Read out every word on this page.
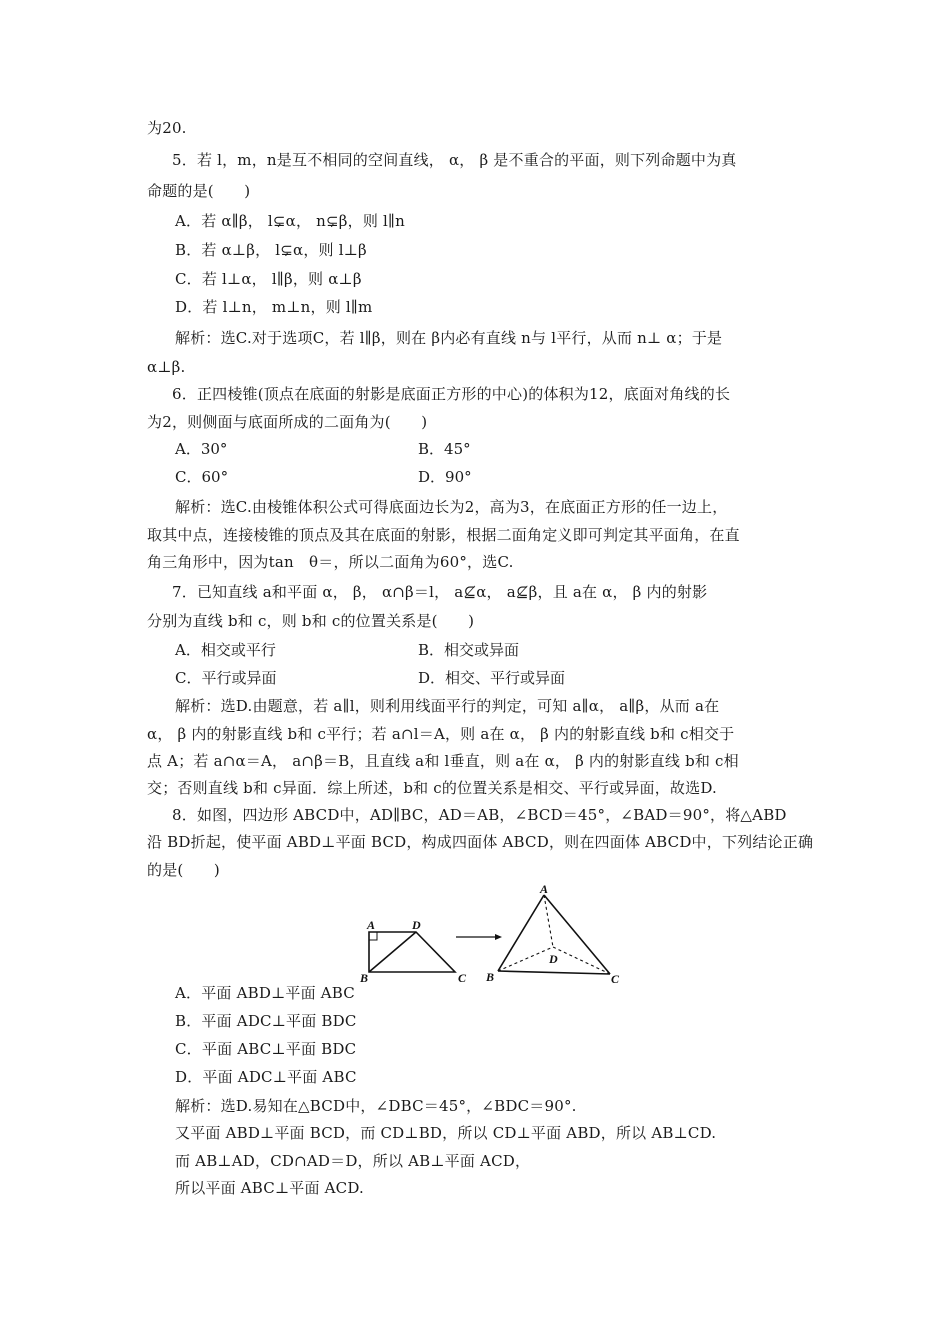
为20.
5．若 l，m，n是互不相同的空间直线， α， β 是不重合的平面，则下列命题中为真
命题的是(　　)
A．若 α∥β， l⊊α， n⊊β，则 l∥n
B．若 α⊥β， l⊊α，则 l⊥β
C．若 l⊥α， l∥β，则 α⊥β
D．若 l⊥n， m⊥n，则 l∥m
解析：选C.对于选项C，若 l∥β，则在 β内必有直线 n与 l平行，从而 n⊥ α；于是
α⊥β.
6．正四棱锥(顶点在底面的射影是底面正方形的中心)的体积为12，底面对角线的长
为2，则侧面与底面所成的二面角为(　　)
A．30°	B．45°
C．60°	D．90°
解析：选C.由棱锥体积公式可得底面边长为2，高为3，在底面正方形的任一边上，
取其中点，连接棱锥的顶点及其在底面的射影，根据二面角定义即可判定其平面角，在直
角三角形中，因为tan　θ＝，所以二面角为60°，选C.
7．已知直线 a和平面 α， β， α∩β＝l， a⊈α， a⊈β，且 a在 α， β 内的射影
分别为直线 b和 c，则 b和 c的位置关系是(　　)
A．相交或平行	B．相交或异面
C．平行或异面	D．相交、平行或异面
解析：选D.由题意，若 a∥l，则利用线面平行的判定，可知 a∥α， a∥β，从而 a在
α， β 内的射影直线 b和 c平行；若 a∩l＝A，则 a在 α， β 内的射影直线 b和 c相交于
点 A；若 a∩α＝A， a∩β＝B，且直线 a和 l垂直，则 a在 α， β 内的射影直线 b和 c相
交；否则直线 b和 c异面．综上所述，b和 c的位置关系是相交、平行或异面，故选D.
8．如图，四边形 ABCD中，AD∥BC，AD＝AB，∠BCD＝45°，∠BAD＝90°，将△ABD
沿 BD折起，使平面 ABD⊥平面 BCD，构成四面体 ABCD，则在四面体 ABCD中，下列结论正确
的是(　　)
A	D
B	C
A
D
B	C
A．平面 ABD⊥平面 ABC
B．平面 ADC⊥平面 BDC
C．平面 ABC⊥平面 BDC
D．平面 ADC⊥平面 ABC
解析：选D.易知在△BCD中，∠DBC＝45°，∠BDC＝90°.
又平面 ABD⊥平面 BCD，而 CD⊥BD，所以 CD⊥平面 ABD，所以 AB⊥CD.
而 AB⊥AD，CD∩AD＝D，所以 AB⊥平面 ACD，
所以平面 ABC⊥平面 ACD.
